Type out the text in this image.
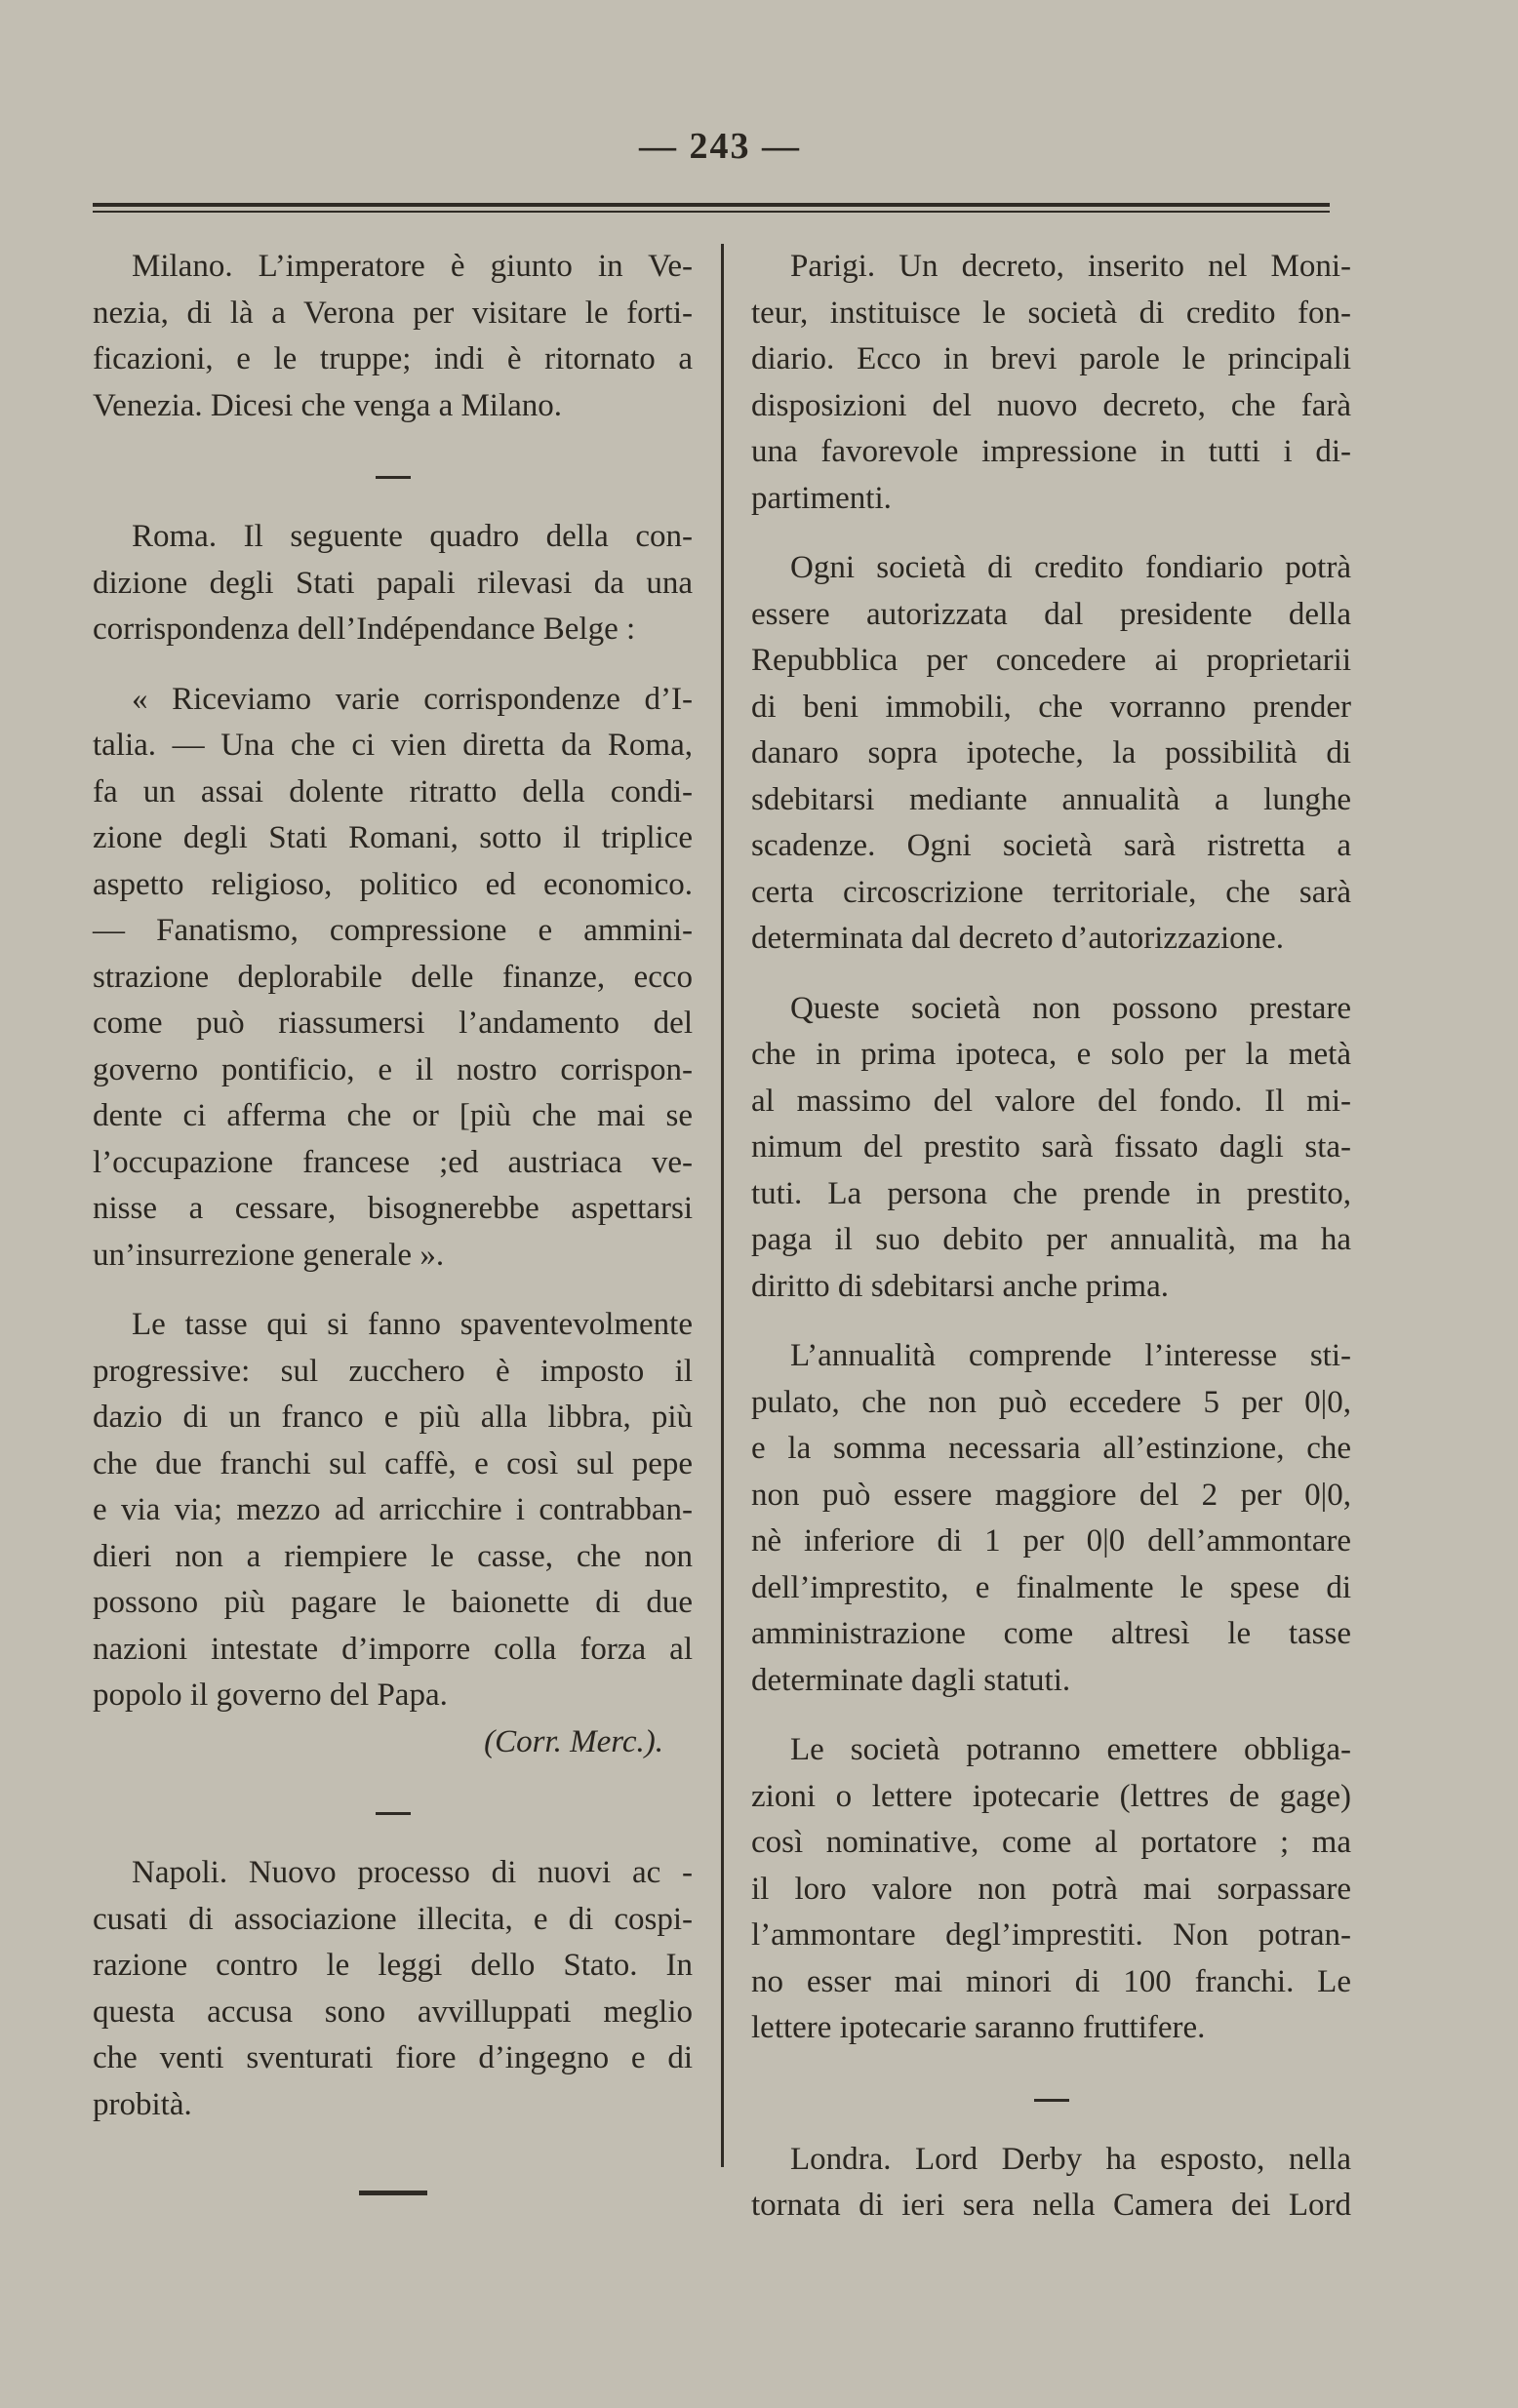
— 243 —
Milano. L’imperatore è giunto in Ve-
nezia, di là a Verona per visitare le forti-
ficazioni, e le truppe; indi è ritornato a
Venezia. Dicesi che venga a Milano.
Roma. Il seguente quadro della con-
dizione degli Stati papali rilevasi da una
corrispondenza dell’Indépendance Belge :
« Riceviamo varie corrispondenze d’I-
talia. — Una che ci vien diretta da Roma,
fa un assai dolente ritratto della condi-
zione degli Stati Romani, sotto il triplice
aspetto religioso, politico ed economico.
— Fanatismo, compressione e ammini-
strazione deplorabile delle finanze, ecco
come può riassumersi l’andamento del
governo pontificio, e il nostro corrispon-
dente ci afferma che or [più che mai se
l’occupazione francese ;ed austriaca ve-
nisse a cessare, bisognerebbe aspettarsi
un’insurrezione generale ».
Le tasse qui si fanno spaventevolmente
progressive: sul zucchero è imposto il
dazio di un franco e più alla libbra, più
che due franchi sul caffè, e così sul pepe
e via via; mezzo ad arricchire i contrabban-
dieri non a riempiere le casse, che non
possono più pagare le baionette di due
nazioni intestate d’imporre colla forza al
popolo il governo del Papa.
(Corr. Merc.).
Napoli. Nuovo processo di nuovi ac -
cusati di associazione illecita, e di cospi-
razione contro le leggi dello Stato. In
questa accusa sono avvilluppati meglio
che venti sventurati fiore d’ingegno e di
probità.
Parigi. Un decreto, inserito nel Moni-
teur, instituisce le società di credito fon-
diario. Ecco in brevi parole le principali
disposizioni del nuovo decreto, che farà
una favorevole impressione in tutti i di-
partimenti.
Ogni società di credito fondiario potrà
essere autorizzata dal presidente della
Repubblica per concedere ai proprietarii
di beni immobili, che vorranno prender
danaro sopra ipoteche, la possibilità di
sdebitarsi mediante annualità a lunghe
scadenze. Ogni società sarà ristretta a
certa circoscrizione territoriale, che sarà
determinata dal decreto d’autorizzazione.
Queste società non possono prestare
che in prima ipoteca, e solo per la metà
al massimo del valore del fondo. Il mi-
nimum del prestito sarà fissato dagli sta-
tuti. La persona che prende in prestito,
paga il suo debito per annualità, ma ha
diritto di sdebitarsi anche prima.
L’annualità comprende l’interesse sti-
pulato, che non può eccedere 5 per 0|0,
e la somma necessaria all’estinzione, che
non può essere maggiore del 2 per 0|0,
nè inferiore di 1 per 0|0 dell’ammontare
dell’imprestito, e finalmente le spese di
amministrazione come altresì le tasse
determinate dagli statuti.
Le società potranno emettere obbliga-
zioni o lettere ipotecarie (lettres de gage)
così nominative, come al portatore ; ma
il loro valore non potrà mai sorpassare
l’ammontare degl’imprestiti. Non potran-
no esser mai minori di 100 franchi. Le
lettere ipotecarie saranno fruttifere.
Londra. Lord Derby ha esposto, nella
tornata di ieri sera nella Camera dei Lord
